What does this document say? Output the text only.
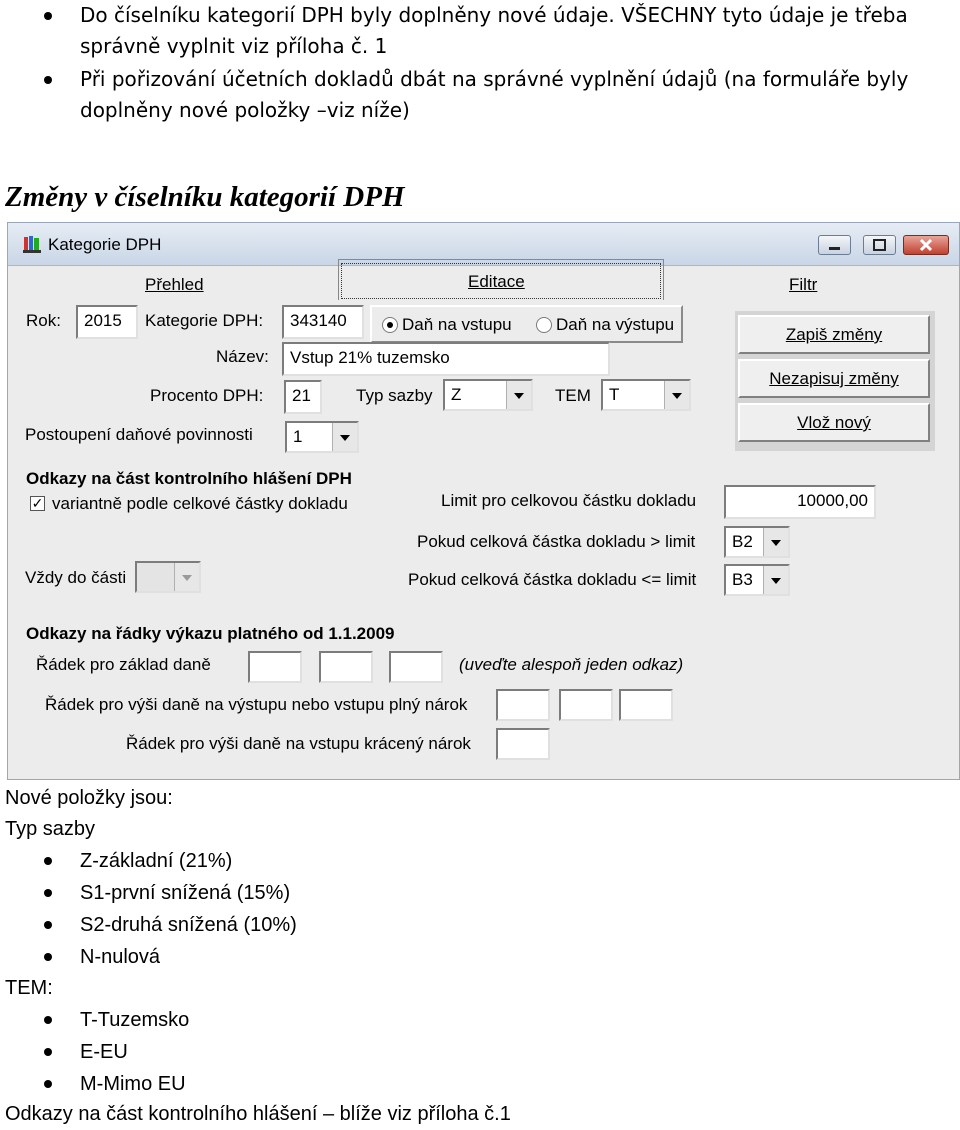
Do číselníku kategorií DPH byly doplněny nové údaje. VŠECHNY tyto údaje je třeba
správně vyplnit viz příloha č. 1
Při pořizování účetních dokladů dbát na správné vyplnění údajů (na formuláře byly
doplněny nové položky –viz níže)
Změny v číselníku kategorií DPH
Kategorie DPH
Přehled	Editace	Filtr
Rok:	2015	Kategorie DPH:	343140	Daň na vstupu	Daň na výstupu
Název:	Vstup 21% tuzemsko
Procento DPH:	21	Typ sazby	Z	TEM	T
Zapiš změny
Nezapisuj změny
Vlož nový
Postoupení daňové povinnosti	1
Odkazy na část kontrolního hlášení DPH
✓ variantně podle celkové částky dokladu	Limit pro celkovou částku dokladu	10000,00
Pokud celková částka dokladu > limit	B2
Vždy do části	Pokud celková částka dokladu <= limit	B3
Odkazy na řádky výkazu platného od 1.1.2009
Řádek pro základ daně	(uveďte alespoň jeden odkaz)
Řádek pro výši daně na výstupu nebo vstupu plný nárok
Řádek pro výši daně na vstupu krácený nárok
Nové položky jsou:
Typ sazby
Z-základní (21%)
S1-první snížená (15%)
S2-druhá snížená (10%)
N-nulová
TEM:
T-Tuzemsko
E-EU
M-Mimo EU
Odkazy na část kontrolního hlášení – blíže viz příloha č.1
